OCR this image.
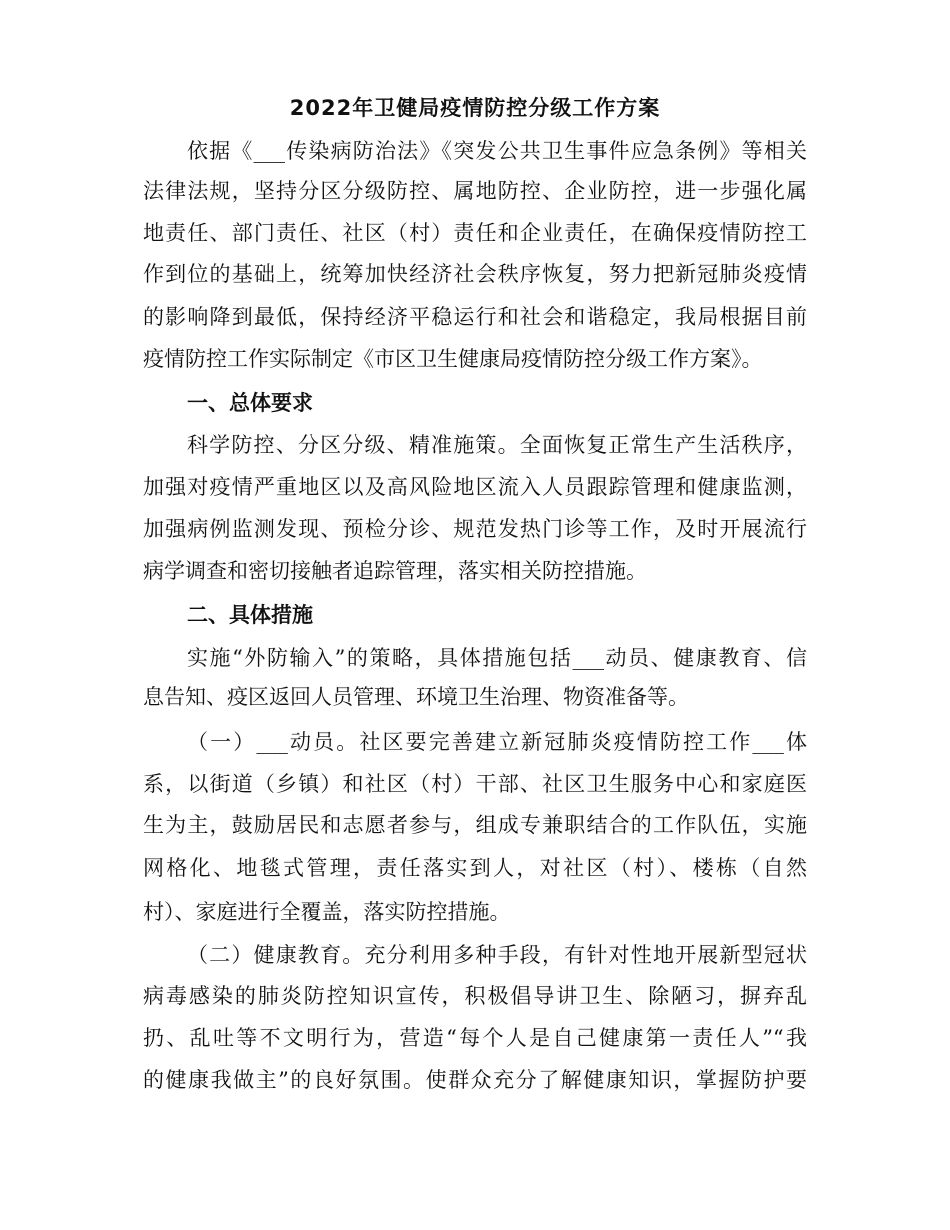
2022年卫健局疫情防控分级工作方案

依据《___传染病防治法》《突发公共卫生事件应急条例》等相关

法律法规，坚持分区分级防控、属地防控、企业防控，进一步强化属

地责任、部门责任、社区（村）责任和企业责任，在确保疫情防控工

作到位的基础上，统筹加快经济社会秩序恢复，努力把新冠肺炎疫情

的影响降到最低，保持经济平稳运行和社会和谐稳定，我局根据目前

疫情防控工作实际制定《市区卫生健康局疫情防控分级工作方案》。

一、总体要求

科学防控、分区分级、精准施策。全面恢复正常生产生活秩序，

加强对疫情严重地区以及高风险地区流入人员跟踪管理和健康监测，

加强病例监测发现、预检分诊、规范发热门诊等工作，及时开展流行

病学调查和密切接触者追踪管理，落实相关防控措施。

二、具体措施

实施“外防输入”的策略，具体措施包括___动员、健康教育、信

息告知、疫区返回人员管理、环境卫生治理、物资准备等。

（一）___动员。社区要完善建立新冠肺炎疫情防控工作___体

系，以街道（乡镇）和社区（村）干部、社区卫生服务中心和家庭医

生为主，鼓励居民和志愿者参与，组成专兼职结合的工作队伍，实施

网格化、地毯式管理，责任落实到人，对社区（村）、楼栋（自然

村）、家庭进行全覆盖，落实防控措施。

（二）健康教育。充分利用多种手段，有针对性地开展新型冠状

病毒感染的肺炎防控知识宣传，积极倡导讲卫生、除陋习，摒弃乱

扔、乱吐等不文明行为，营造“每个人是自己健康第一责任人”“我

的健康我做主”的良好氛围。使群众充分了解健康知识，掌握防护要
